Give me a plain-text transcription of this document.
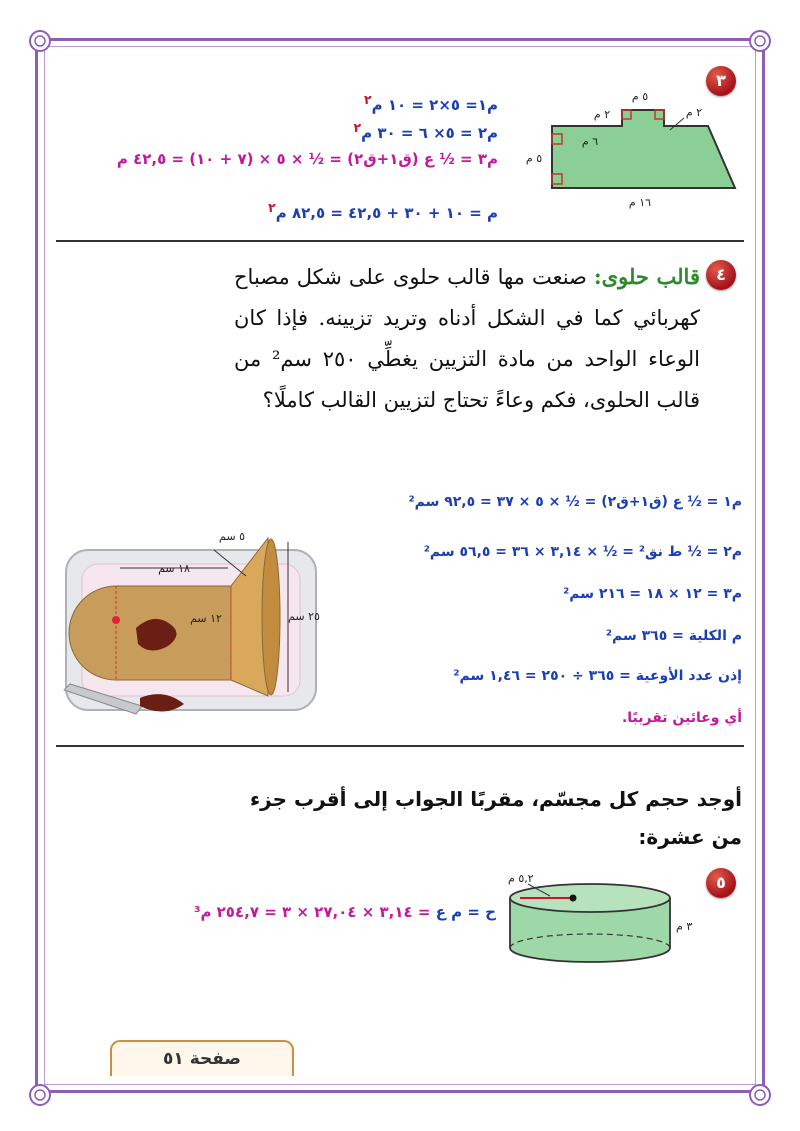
٣
٥ م
٢ م	٢ م
٦ م
٥ م
١٦ م
م١= ٥×٢ = ١٠ م$^٢$
م٢ = ٥× ٦ = ٣٠ م$^٢$
م٣ = ½ ع (ق١+ق٢) = ½ × ٥ × (٧ + ١٠) = ٤٢,٥ م
م = ١٠ + ٣٠ + ٤٢,٥ = ٨٢,٥ م$^٢$
٤
قالب حلوى: صنعت مها قالب حلوى على شكل مصباح كهربائي كما في الشكل أدناه وتريد تزيينه. فإذا كان الوعاء الواحد من مادة التزيين يغطِّي ٢٥٠ سم² من قالب الحلوى، فكم وعاءً تحتاج لتزيين القالب كاملًا؟
م١ = ½ ع (ق١+ق٢) = ½ × ٥ × ٣٧ = ٩٢,٥ سم²
م٢ = ½ ط نق² = ½ × ٣,١٤ × ٣٦ = ٥٦,٥ سم²
م٣ = ١٢ × ١٨ = ٢١٦ سم²
م الكلية = ٣٦٥ سم²
إذن عدد الأوعية = ٣٦٥ ÷ ٢٥٠ = ١,٤٦ سم²
أي وعائين تقريبًا.
٥ سم
١٨ سم
١٢ سم	٢٥ سم
أوجد حجم كل مجسّم، مقربًا الجواب إلى أقرب جزء
من عشرة:
٥
٥,٢ م
٣ م
ح = م ع = ٣,١٤ × ٢٧,٠٤ × ٣ = ٢٥٤,٧ م³
صفحة ٥١
